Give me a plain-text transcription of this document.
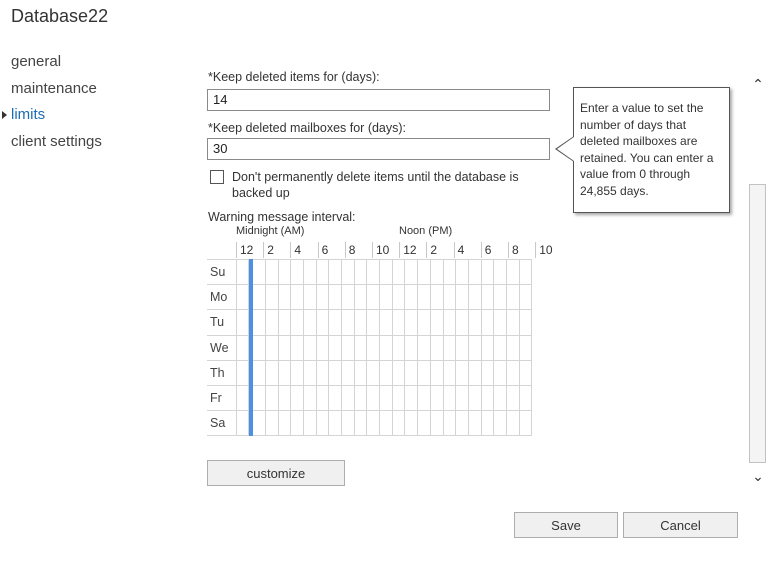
Database22
general
maintenance
limits
client settings
*Keep deleted items for (days):
14
*Keep deleted mailboxes for (days):
30
Don't permanently delete items until the database is backed up
Warning message interval:
Midnight (AM)	Noon (PM)
12	2	4	6	8	10	12	2	4	6	8	10
Su																								
Mo																								
Tu																								
We																								
Th																								
Fr																								
Sa																								
Enter a value to set the number of days that deleted mailboxes are retained. You can enter a value from 0 through 24,855 days.
customize
Save	Cancel
⌃
⌄
